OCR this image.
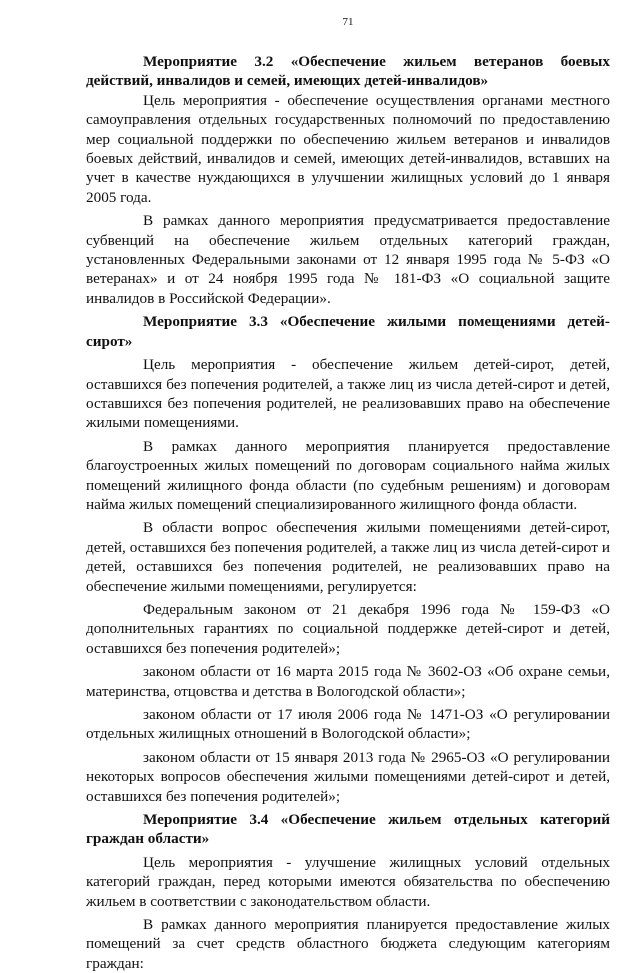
71

Мероприятие 3.2 «Обеспечение жильем ветеранов боевых действий, инвалидов и семей, имеющих детей-инвалидов»

Цель мероприятия - обеспечение осуществления органами местного самоуправления отдельных государственных полномочий по предоставлению мер социальной поддержки по обеспечению жильем ветеранов и инвалидов боевых действий, инвалидов и семей, имеющих детей-инвалидов, вставших на учет в качестве нуждающихся в улучшении жилищных условий до 1 января 2005 года.

В рамках данного мероприятия предусматривается предоставление субвенций на обеспечение жильем отдельных категорий граждан, установленных Федеральными законами от 12 января 1995 года № 5-ФЗ «О ветеранах» и от 24 ноября 1995 года № 181-ФЗ «О социальной защите инвалидов в Российской Федерации».

Мероприятие 3.3 «Обеспечение жилыми помещениями детей-сирот»

Цель мероприятия - обеспечение жильем детей-сирот, детей, оставшихся без попечения родителей, а также лиц из числа детей-сирот и детей, оставшихся без попечения родителей, не реализовавших право на обеспечение жилыми помещениями.

В рамках данного мероприятия планируется предоставление благоустроенных жилых помещений по договорам социального найма жилых помещений жилищного фонда области (по судебным решениям) и договорам найма жилых помещений специализированного жилищного фонда области.

В области вопрос обеспечения жилыми помещениями детей-сирот, детей, оставшихся без попечения родителей, а также лиц из числа детей-сирот и детей, оставшихся без попечения родителей, не реализовавших право на обеспечение жилыми помещениями, регулируется:

Федеральным законом от 21 декабря 1996 года № 159-ФЗ «О дополнительных гарантиях по социальной поддержке детей-сирот и детей, оставшихся без попечения родителей»;

законом области от 16 марта 2015 года № 3602-ОЗ «Об охране семьи, материнства, отцовства и детства в Вологодской области»;

законом области от 17 июля 2006 года № 1471-ОЗ «О регулировании отдельных жилищных отношений в Вологодской области»;

законом области от 15 января 2013 года № 2965-ОЗ «О регулировании некоторых вопросов обеспечения жилыми помещениями детей-сирот и детей, оставшихся без попечения родителей»;

Мероприятие 3.4 «Обеспечение жильем отдельных категорий граждан области»

Цель мероприятия - улучшение жилищных условий отдельных категорий граждан, перед которыми имеются обязательства по обеспечению жильем в соответствии с законодательством области.

В рамках данного мероприятия планируется предоставление жилых помещений за счет средств областного бюджета следующим категориям граждан:
